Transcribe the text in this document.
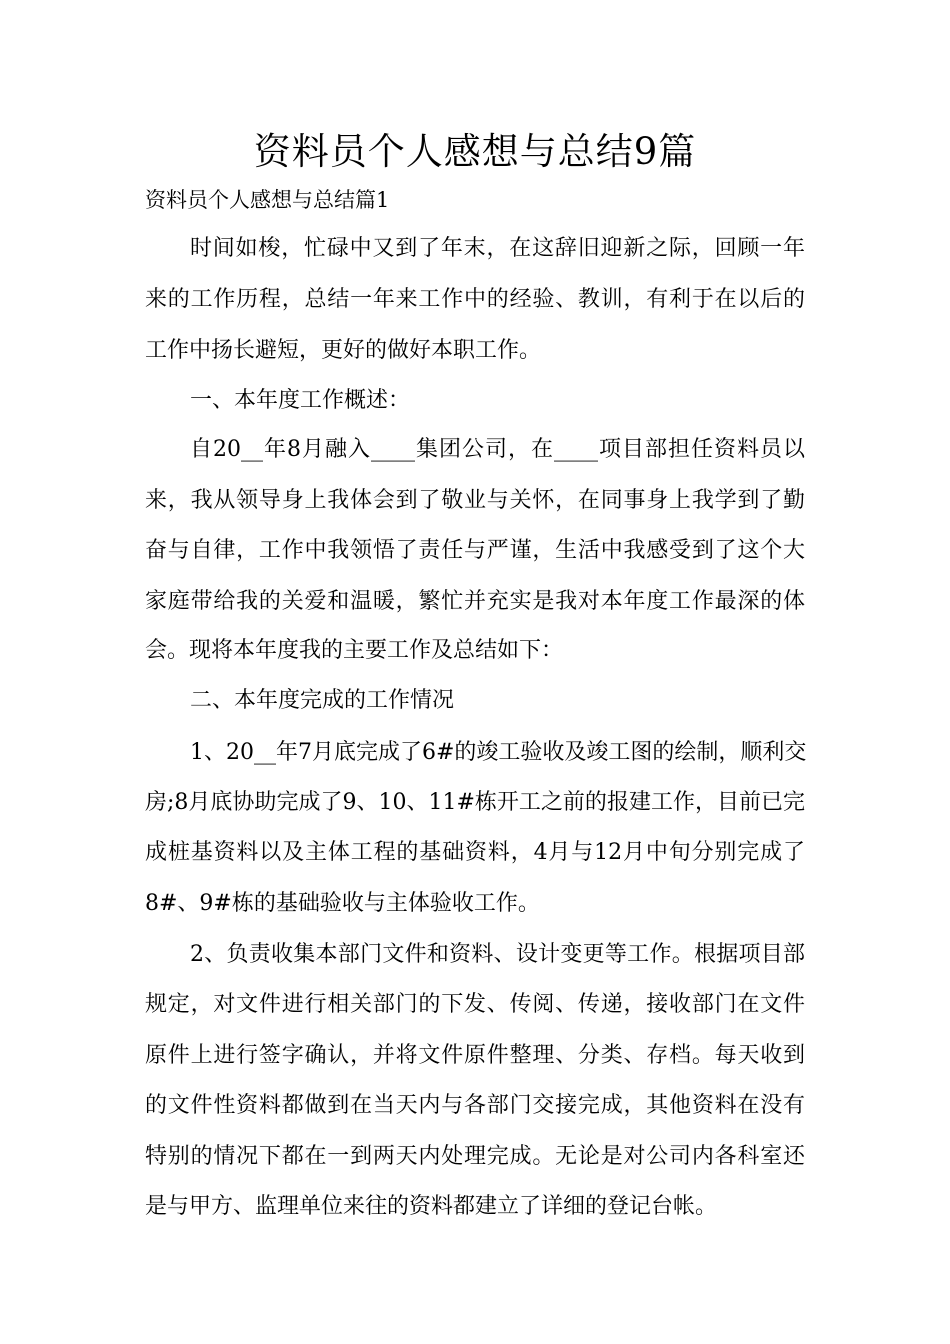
资料员个人感想与总结9篇
资料员个人感想与总结篇1
时间如梭，忙碌中又到了年末，在这辞旧迎新之际，回顾一年
来的工作历程，总结一年来工作中的经验、教训，有利于在以后的
工作中扬长避短，更好的做好本职工作。
一、本年度工作概述：
自20__年8月融入____集团公司，在____项目部担任资料员以
来，我从领导身上我体会到了敬业与关怀，在同事身上我学到了勤
奋与自律，工作中我领悟了责任与严谨，生活中我感受到了这个大
家庭带给我的关爱和温暖，繁忙并充实是我对本年度工作最深的体
会。现将本年度我的主要工作及总结如下：
二、本年度完成的工作情况
1、20__年7月底完成了6#的竣工验收及竣工图的绘制，顺利交
房;8月底协助完成了9、10、11#栋开工之前的报建工作，目前已完
成桩基资料以及主体工程的基础资料，4月与12月中旬分别完成了
8#、9#栋的基础验收与主体验收工作。
2、负责收集本部门文件和资料、设计变更等工作。根据项目部
规定，对文件进行相关部门的下发、传阅、传递，接收部门在文件
原件上进行签字确认，并将文件原件整理、分类、存档。每天收到
的文件性资料都做到在当天内与各部门交接完成，其他资料在没有
特别的情况下都在一到两天内处理完成。无论是对公司内各科室还
是与甲方、监理单位来往的资料都建立了详细的登记台帐。
